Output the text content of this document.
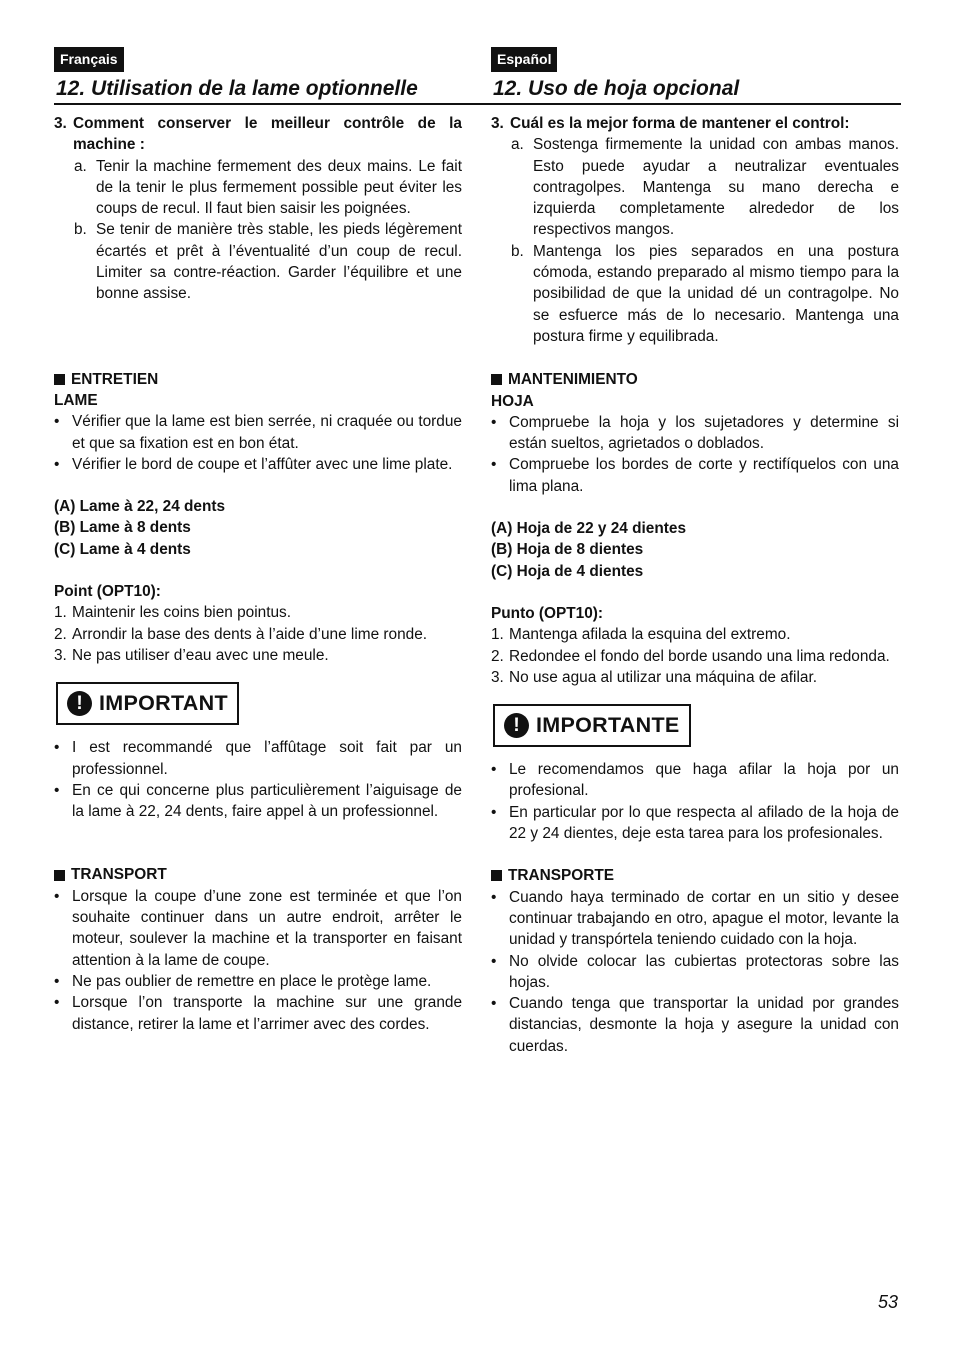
Français
12. Utilisation de la lame optionnelle
Español
12. Uso de hoja opcional
3. Comment conserver le meilleur contrôle de la machine :
a. Tenir la machine fermement des deux mains. Le fait de la tenir le plus fermement possible peut éviter les coups de recul. Il faut bien saisir les poignées.
b. Se tenir de manière très stable, les pieds légèrement écartés et prêt à l’éventualité d’un coup de recul. Limiter sa contre-réaction. Garder l’équilibre et une bonne assise.
ENTRETIEN
LAME
• Vérifier que la lame est bien serrée, ni craquée ou tordue et que sa fixation est en bon état.
• Vérifier le bord de coupe et l’affûter avec une lime plate.
(A) Lame à 22, 24 dents
(B) Lame à 8 dents
(C) Lame à 4 dents
Point (OPT10):
1. Maintenir les coins bien pointus.
2. Arrondir la base des dents à l’aide d’une lime ronde.
3. Ne pas utiliser d’eau avec une meule.
! IMPORTANT
• I est recommandé que l’affûtage soit fait par un professionnel.
• En ce qui concerne plus particulièrement l’aiguisage de la lame à 22, 24 dents, faire appel à un professionnel.
TRANSPORT
• Lorsque la coupe d’une zone est terminée et que l’on souhaite continuer dans un autre endroit, arrêter le moteur, soulever la machine et la transporter en faisant attention à la lame de coupe.
• Ne pas oublier de remettre en place le protège lame.
• Lorsque l’on transporte la machine sur une grande distance, retirer la lame et l’arrimer avec des cordes.
3. Cuál es la mejor forma de mantener el control:
a. Sostenga firmemente la unidad con ambas manos. Esto puede ayudar a neutralizar eventuales contragolpes. Mantenga su mano derecha e izquierda completamente alrededor de los respectivos mangos.
b. Mantenga los pies separados en una postura cómoda, estando preparado al mismo tiempo para la posibilidad de que la unidad dé un contragolpe. No se esfuerce más de lo necesario. Mantenga una postura firme y equilibrada.
MANTENIMIENTO
HOJA
• Compruebe la hoja y los sujetadores y determine si están sueltos, agrietados o doblados.
• Compruebe los bordes de corte y rectifíquelos con una lima plana.
(A) Hoja de 22 y 24 dientes
(B) Hoja de 8 dientes
(C) Hoja de 4 dientes
Punto (OPT10):
1. Mantenga afilada la esquina del extremo.
2. Redondee el fondo del borde usando una lima redonda.
3. No use agua al utilizar una máquina de afilar.
! IMPORTANTE
• Le recomendamos que haga afilar la hoja por un profesional.
• En particular por lo que respecta al afilado de la hoja de 22 y 24 dientes, deje esta tarea para los profesionales.
TRANSPORTE
• Cuando haya terminado de cortar en un sitio y desee continuar trabajando en otro, apague el motor, levante la unidad y transpórtela teniendo cuidado con la hoja.
• No olvide colocar las cubiertas protectoras sobre las hojas.
• Cuando tenga que transportar la unidad por grandes distancias, desmonte la hoja y asegure la unidad con cuerdas.
53
